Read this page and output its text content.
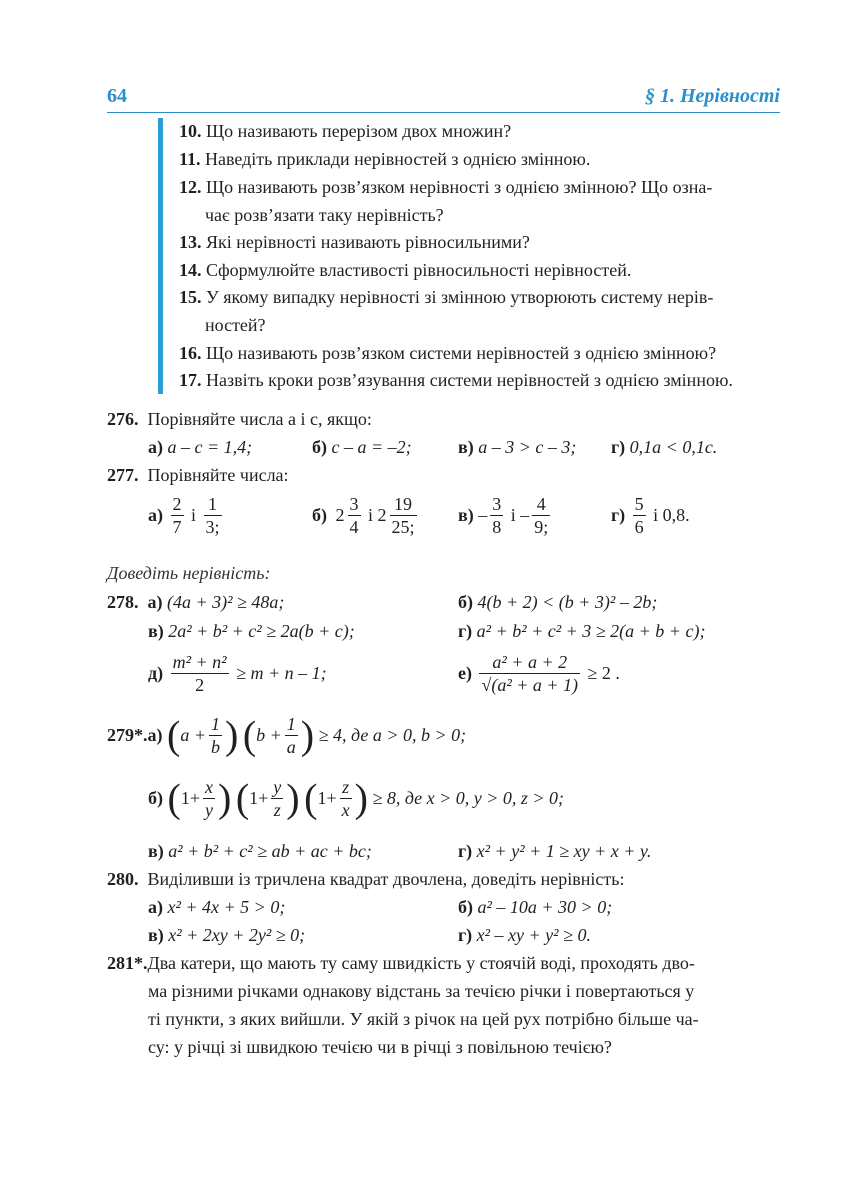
64	§ 1. Нерівності
10. Що називають перерізом двох множин?
11. Наведіть приклади нерівностей з однією змінною.
12. Що називають розв’язком нерівності з однією змінною? Що озна-
чає розв’язати таку нерівність?
13. Які нерівності називають рівносильними?
14. Сформулюйте властивості рівносильності нерівностей.
15. У якому випадку нерівності зі змінною утворюють систему нерів-
ностей?
16. Що називають розв’язком системи нерівностей з однією змінною?
17. Назвіть кроки розв’язування системи нерівностей з однією змінною.
276. Порівняйте числа a і c, якщо:
а) a – c = 1,4;	б) c – a = –2;	в) a – 3 > c – 3; г) 0,1a < 0,1c.
277. Порівняйте числа:
$а) \frac{2}{7}$ і $\frac{1}{3;}$	б) $2 \frac{3}{4}$ і $2 \frac{19}{25;} в) - \frac{3}{8}$ і – $\frac{4}{9;}$	$г) \frac{5}{6}$ і 0,8.
Доведіть нерівність:
278. а) (4a + 3)² ≥ 48a;	б) 4(b + 2) < (b + 3)² – 2b;
в) 2a² + b² + c² ≥ 2a(b + c);	г) a² + b² + c² + 3 ≥ 2(a + b + c);
$д) \frac{\text{m² + n²}}{2} \ge m + n - 1$;	$е) \frac{\text{a² + a + 2}}{\text{√(a² + a + 1)}} \ge 2$ .
279*.а) ($a + \frac{1}{b}$ ) ($b + \frac{1}{a}$ ) ≥ 4, де a > 0, b > 0;
б) ($1+ \frac{x}{y}$ ) ($1+ \frac{y}{z}$ ) ($1+ \frac{z}{x}$ ) ≥ 8, де x > 0, y > 0, z > 0;
в) a² + b² + c² ≥ ab + ac + bc;	г) x² + y² + 1 ≥ xy + x + y.
280. Виділивши із тричлена квадрат двочлена, доведіть нерівність:
а) x² + 4x + 5 > 0;	б) a² – 10a + 30 > 0;
в) x² + 2xy + 2y² ≥ 0;	г) x² – xy + y² ≥ 0.
281*.Два катери, що мають ту саму швидкість у стоячій воді, проходять дво-
ма різними річками однакову відстань за течією річки і повертаються у
ті пункти, з яких вийшли. У якій з річок на цей рух потрібно більше ча-
су: у річці зі швидкою течією чи в річці з повільною течією?
